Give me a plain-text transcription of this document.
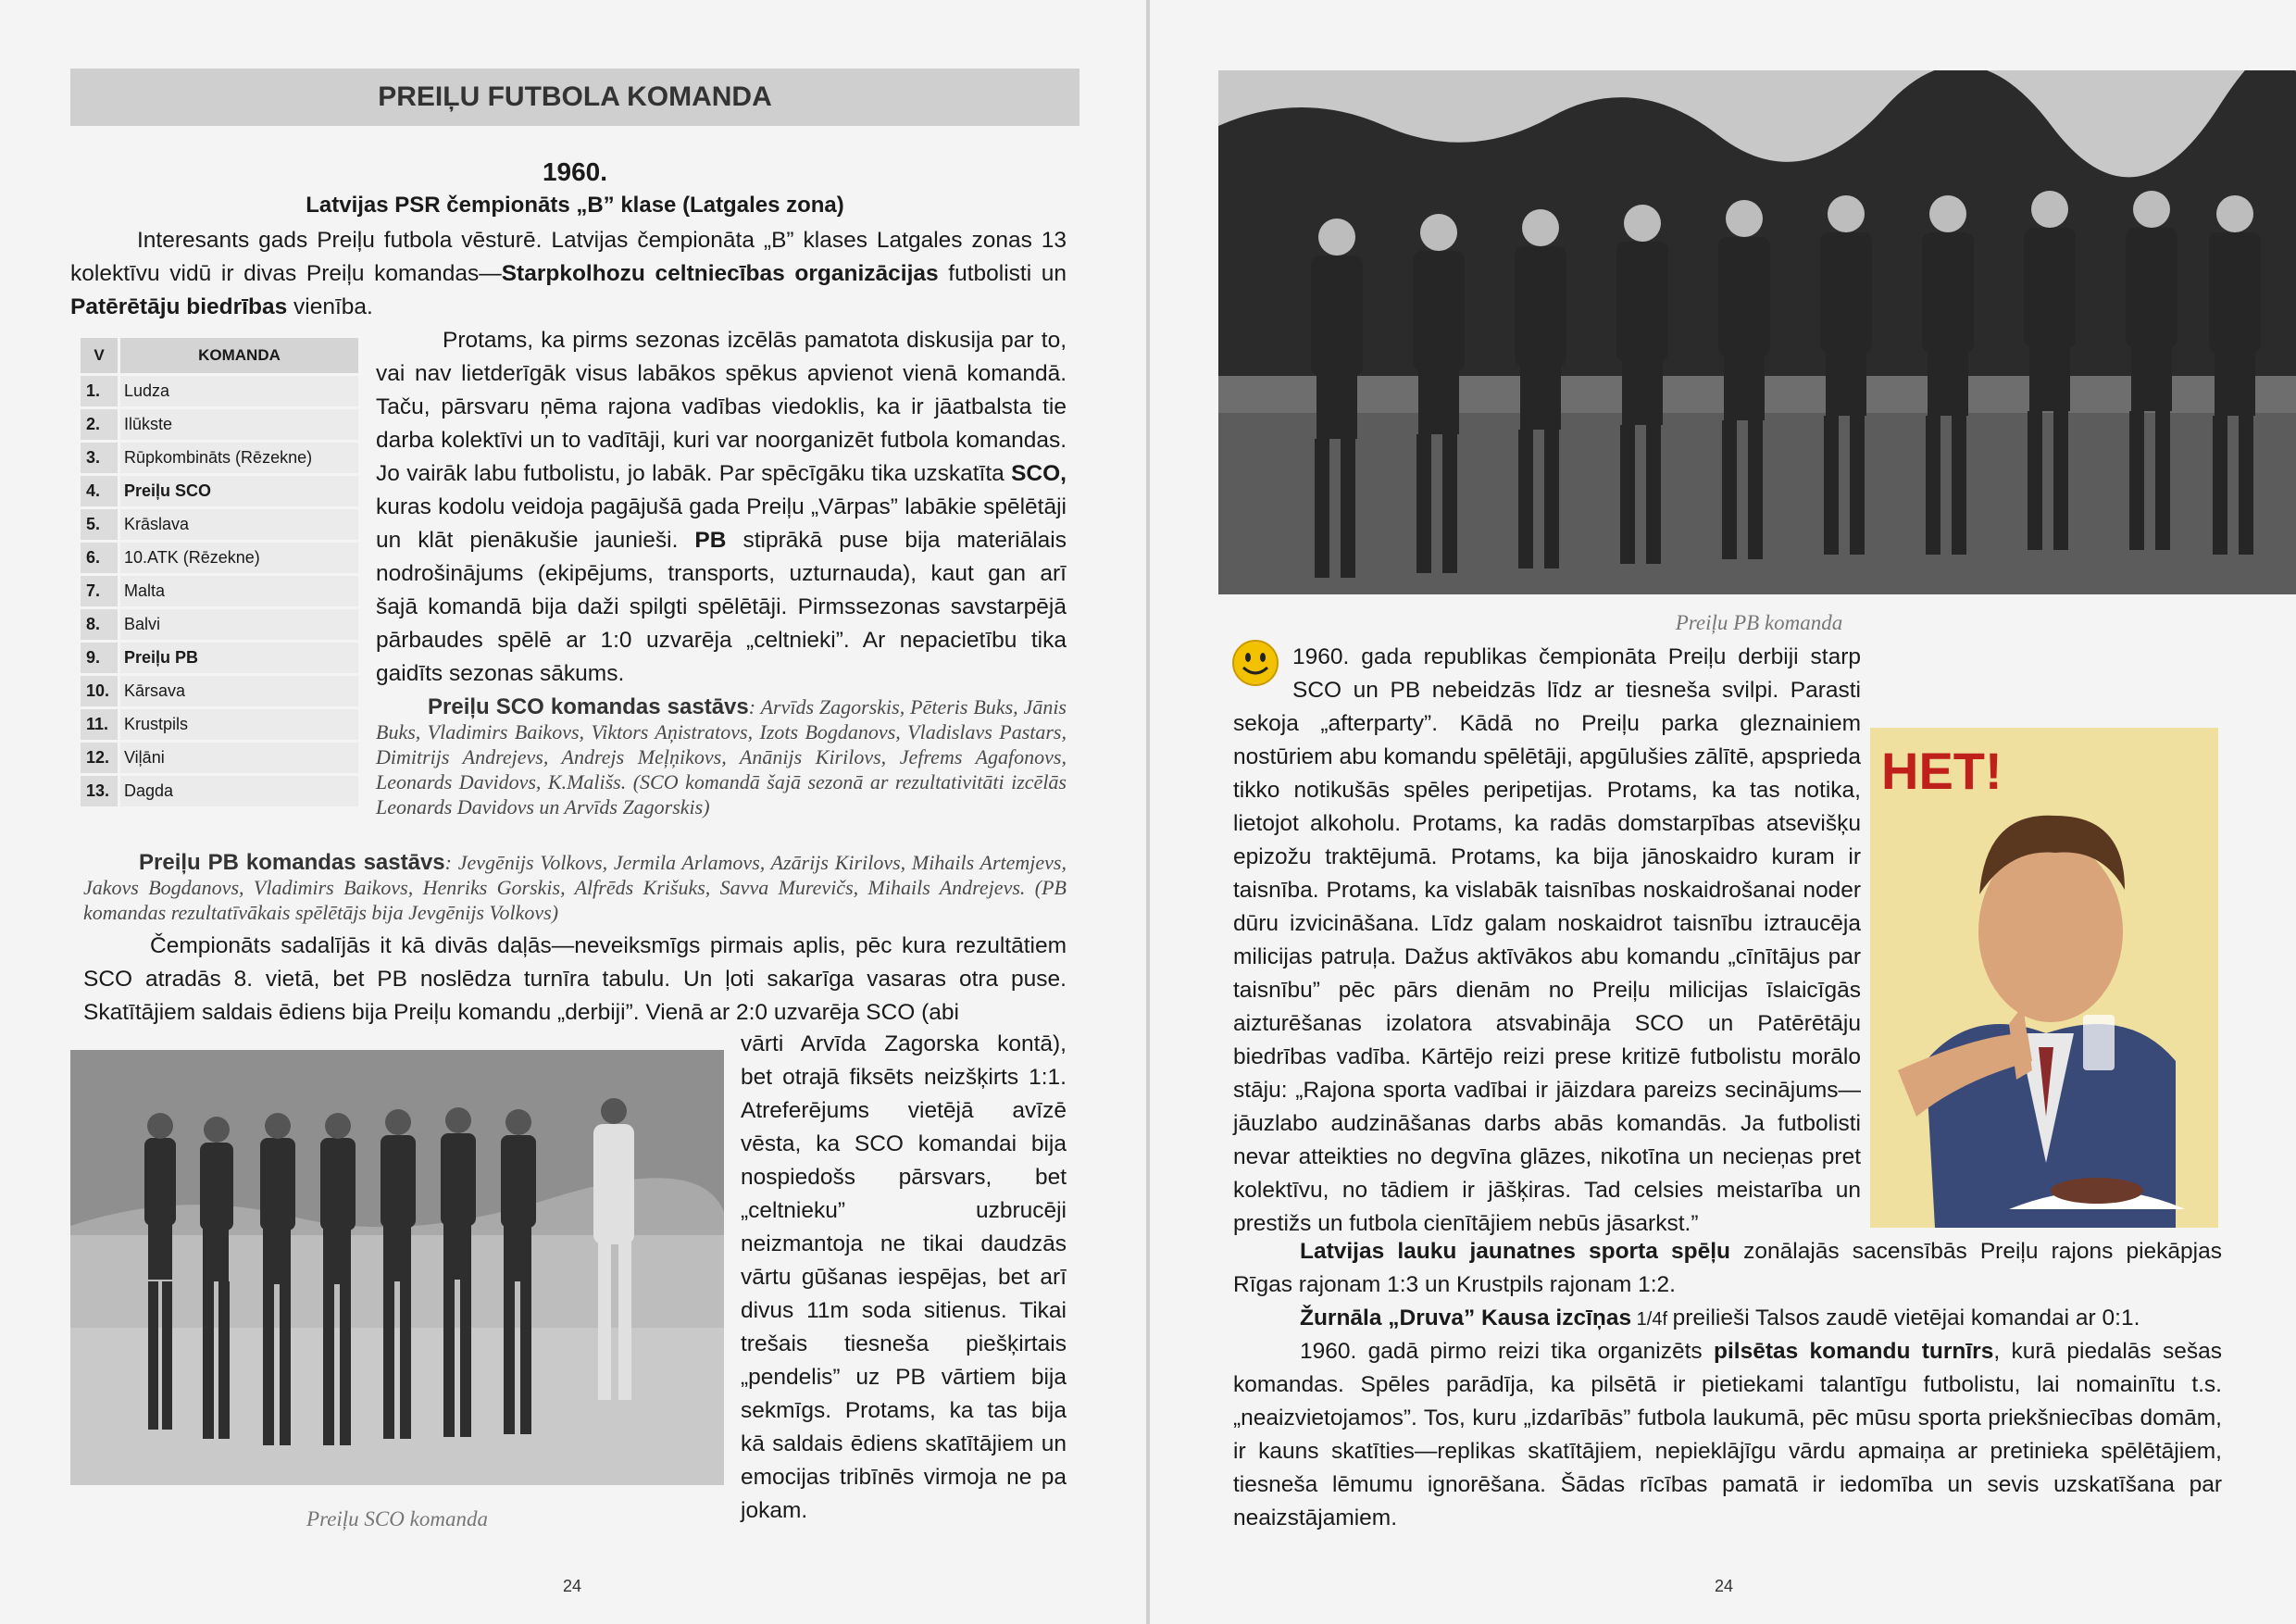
PREIĻU FUTBOLA KOMANDA
1960.
Latvijas PSR čempionāts „B” klase (Latgales zona)
Interesants gads Preiļu futbola vēsturē. Latvijas čempionāta „B” klases Latgales zonas 13 kolektīvu vidū ir divas Preiļu komandas—Starpkolhozu celtniecības organizācijas futbolisti un Patērētāju biedrības vienība.
V	KOMANDA
1.	Ludza
2.	Ilūkste
3.	Rūpkombināts (Rēzekne)
4.	Preiļu SCO
5.	Krāslava
6.	10.ATK (Rēzekne)
7.	Malta
8.	Balvi
9.	Preiļu PB
10.	Kārsava
11.	Krustpils
12.	Viļāni
13.	Dagda
Protams, ka pirms sezonas izcēlās pamatota diskusija par to, vai nav lietderīgāk visus labākos spēkus apvienot vienā komandā. Taču, pārsvaru ņēma rajona vadības viedoklis, ka ir jāatbalsta tie darba kolektīvi un to vadītāji, kuri var noorganizēt futbola komandas. Jo vairāk labu futbolistu, jo labāk. Par spēcīgāku tika uzskatīta SCO, kuras kodolu veidoja pagājušā gada Preiļu „Vārpas” labākie spēlētāji un klāt pienākušie jaunieši. PB stiprākā puse bija materiālais nodrošinājums (ekipējums, transports, uzturnauda), kaut gan arī šajā komandā bija daži spilgti spēlētāji. Pirmssezonas savstarpējā pārbaudes spēlē ar 1:0 uzvarēja „celtnieki”. Ar nepacietību tika gaidīts sezonas sākums.
Preiļu SCO komandas sastāvs: Arvīds Zagorskis, Pēteris Buks, Jānis Buks, Vladimirs Baikovs, Viktors Aņistratovs, Izots Bogdanovs, Vladislavs Pastars, Dimitrijs Andrejevs, Andrejs Meļņikovs, Anānijs Kirilovs, Jefrems Agafonovs, Leonards Davidovs, K.Mališs. (SCO komandā šajā sezonā ar rezultativitāti izcēlās Leonards Davidovs un Arvīds Zagorskis)
Preiļu PB komandas sastāvs: Jevgēnijs Volkovs, Jermila Arlamovs, Azārijs Kirilovs, Mihails Artemjevs, Jakovs Bogdanovs, Vladimirs Baikovs, Henriks Gorskis, Alfrēds Krišuks, Savva Murevičs, Mihails Andrejevs. (PB komandas rezultatīvākais spēlētājs bija Jevgēnijs Volkovs)
Čempionāts sadalījās it kā divās daļās—neveiksmīgs pirmais aplis, pēc kura rezultātiem SCO atradās 8. vietā, bet PB noslēdza turnīra tabulu. Un ļoti sakarīga vasaras otra puse. Skatītājiem saldais ēdiens bija Preiļu komandu „derbiji”. Vienā ar 2:0 uzvarēja SCO (abi
vārti Arvīda Zagorska kontā), bet otrajā fiksēts neizšķirts 1:1. Atreferējums vietējā avīzē vēsta, ka SCO komandai bija nospiedošs pārsvars, bet „celtnieku” uzbrucēji neizmantoja ne tikai daudzās vārtu gūšanas iespējas, bet arī divus 11m soda sitienus. Tikai trešais tiesneša piešķirtais „pendelis” uz PB vārtiem bija sekmīgs. Protams, ka tas bija kā saldais ēdiens skatītājiem un emocijas tribīnēs virmoja ne pa jokam.
Preiļu SCO komanda
24
Preiļu PB komanda
НЕТ!
1960. gada republikas čempionāta Preiļu derbiji starp SCO un PB nebeidzās līdz ar tiesneša svilpi. Parasti sekoja „afterparty”. Kādā no Preiļu parka gleznainiem nostūriem abu komandu spēlētāji, apgūlušies zālītē, apsprieda tikko notikušās spēles peripetijas. Protams, ka tas notika, lietojot alkoholu. Protams, ka radās domstarpības atsevišķu epizožu traktējumā. Protams, ka bija jānoskaidro kuram ir taisnība. Protams, ka vislabāk taisnības noskaidrošanai noder dūru izvicināšana. Līdz galam noskaidrot taisnību iztraucēja milicijas patruļa. Dažus aktīvākos abu komandu „cīnītājus par taisnību” pēc pārs dienām no Preiļu milicijas īslaicīgās aizturēšanas izolatora atsvabināja SCO un Patērētāju biedrības vadība. Kārtējo reizi prese kritizē futbolistu morālo stāju: „Rajona sporta vadībai ir jāizdara pareizs secinājums—jāuzlabo audzināšanas darbs abās komandās. Ja futbolisti nevar atteikties no degvīna glāzes, nikotīna un necieņas pret kolektīvu, no tādiem ir jāšķiras. Tad celsies meistarība un prestižs un futbola cienītājiem nebūs jāsarkst.”
Latvijas lauku jaunatnes sporta spēļu zonālajās sacensībās Preiļu rajons piekāpjas Rīgas rajonam 1:3 un Krustpils rajonam 1:2.
Žurnāla „Druva” Kausa izcīņas 1/4f preilieši Talsos zaudē vietējai komandai ar 0:1.
1960. gadā pirmo reizi tika organizēts pilsētas komandu turnīrs, kurā piedalās sešas komandas. Spēles parādīja, ka pilsētā ir pietiekami talantīgu futbolistu, lai nomainītu t.s. „neaizvietojamos”. Tos, kuru „izdarībās” futbola laukumā, pēc mūsu sporta priekšniecības domām, ir kauns skatīties—replikas skatītājiem, nepieklājīgu vārdu apmaiņa ar pretinieka spēlētājiem, tiesneša lēmumu ignorēšana. Šādas rīcības pamatā ir iedomība un sevis uzskatīšana par neaizstājamiem.
24
